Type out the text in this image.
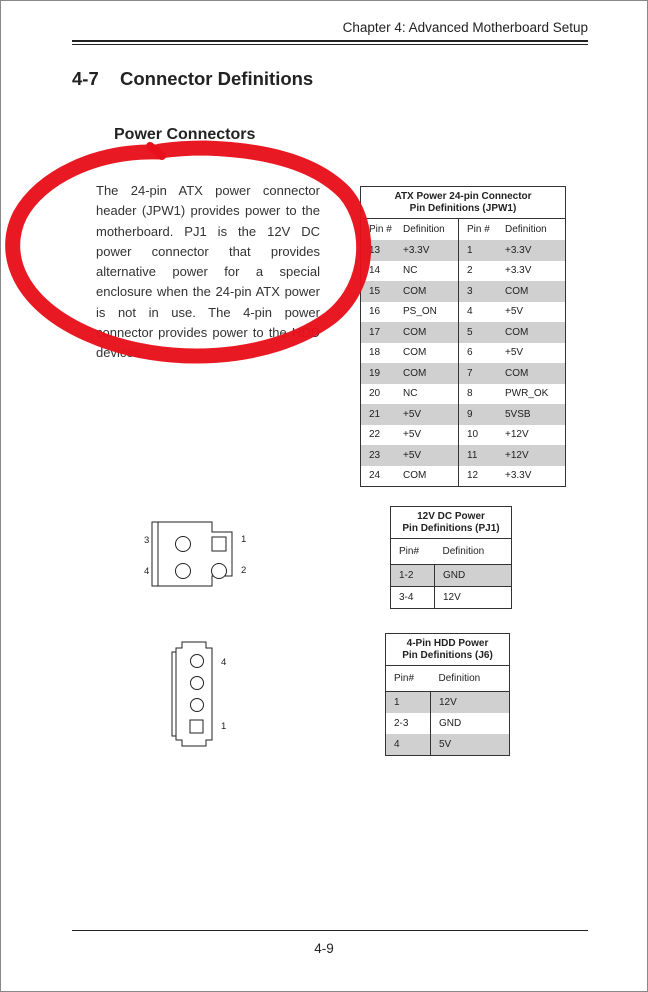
Chapter 4: Advanced Motherboard Setup
4-7 Connector Definitions
Power Connectors
The 24-pin ATX power connector header (JPW1) provides power to the motherboard. PJ1 is the 12V DC power connector that provides alternative power for a special enclosure when the 24-pin ATX power is not in use. The 4-pin power connector provides power to the HDD devices.
ATX Power 24-pin Connector
Pin Definitions (JPW1)			

Pin #	Definition	Pin #	Definition
13	+3.3V	1	+3.3V
14	NC	2	+3.3V
15	COM	3	COM
16	PS_ON	4	+5V
17	COM	5	COM
18	COM	6	+5V
19	COM	7	COM
20	NC	8	PWR_OK
21	+5V	9	5VSB
22	+5V	10	+12V
23	+5V	11	+12V
24	COM	12	+3.3V
3	1
4	2
12V DC Power
Pin Definitions (PJ1)	

Pin#	Definition
1-2	GND
3-4	12V
4
1
4-Pin HDD Power
Pin Definitions (J6)	

Pin#	Definition
1	12V
2-3	GND
4	5V
4-9
